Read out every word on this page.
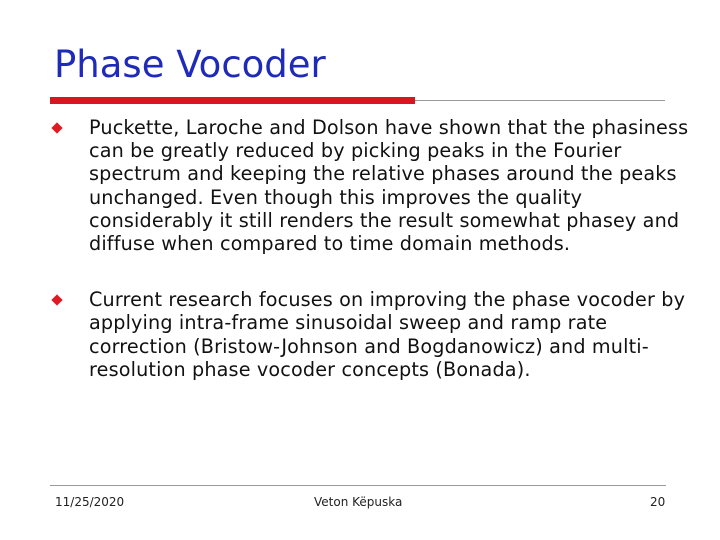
Phase Vocoder
Puckette, Laroche and Dolson have shown that the phasiness can be greatly reduced by picking peaks in the Fourier spectrum and keeping the relative phases around the peaks unchanged. Even though this improves the quality considerably it still renders the result somewhat phasey and diffuse when compared to time domain methods.
Current research focuses on improving the phase vocoder by applying intra-frame sinusoidal sweep and ramp rate correction (Bristow-Johnson and Bogdanowicz) and multi-resolution phase vocoder concepts (Bonada).
11/25/2020	Veton Këpuska	20
